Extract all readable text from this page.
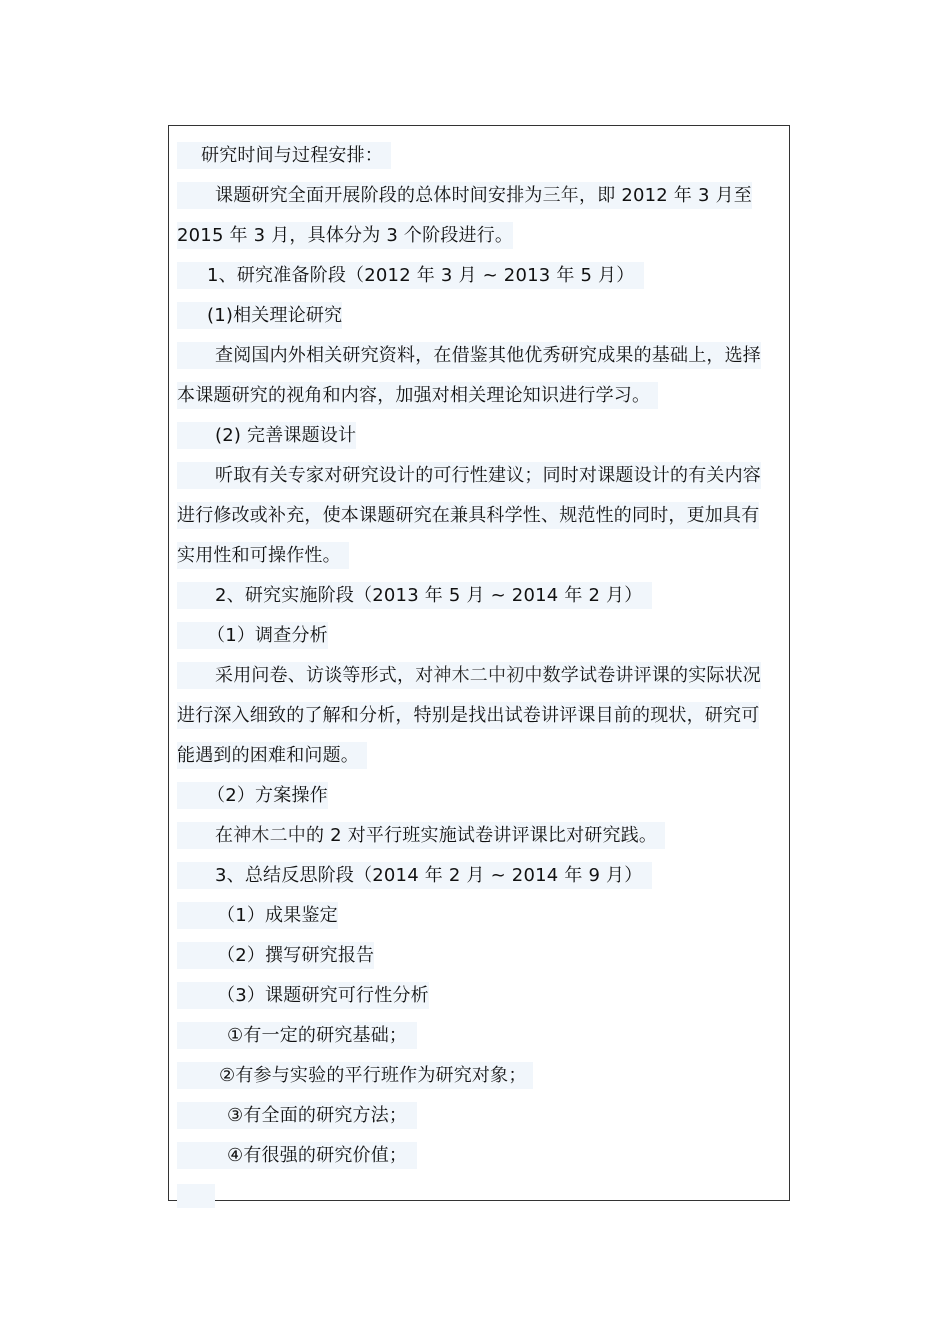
研究时间与过程安排：
课题研究全面开展阶段的总体时间安排为三年，即 2012 年 3 月至
2015 年 3 月，具体分为 3 个阶段进行。
1、研究准备阶段（2012 年 3 月 ~ 2013 年 5 月）
(1)相关理论研究
查阅国内外相关研究资料，在借鉴其他优秀研究成果的基础上，选择
本课题研究的视角和内容，加强对相关理论知识进行学习。
(2) 完善课题设计
听取有关专家对研究设计的可行性建议；同时对课题设计的有关内容
进行修改或补充，使本课题研究在兼具科学性、规范性的同时，更加具有
实用性和可操作性。
2、研究实施阶段（2013 年 5 月 ~ 2014 年 2 月）
（1）调查分析
采用问卷、访谈等形式，对神木二中初中数学试卷讲评课的实际状况
进行深入细致的了解和分析，特别是找出试卷讲评课目前的现状，研究可
能遇到的困难和问题。
（2）方案操作
在神木二中的 2 对平行班实施试卷讲评课比对研究践。
3、总结反思阶段（2014 年 2 月 ~ 2014 年 9 月）
（1）成果鉴定
（2）撰写研究报告
（3）课题研究可行性分析
①有一定的研究基础；
②有参与实验的平行班作为研究对象；
③有全面的研究方法；
④有很强的研究价值；
